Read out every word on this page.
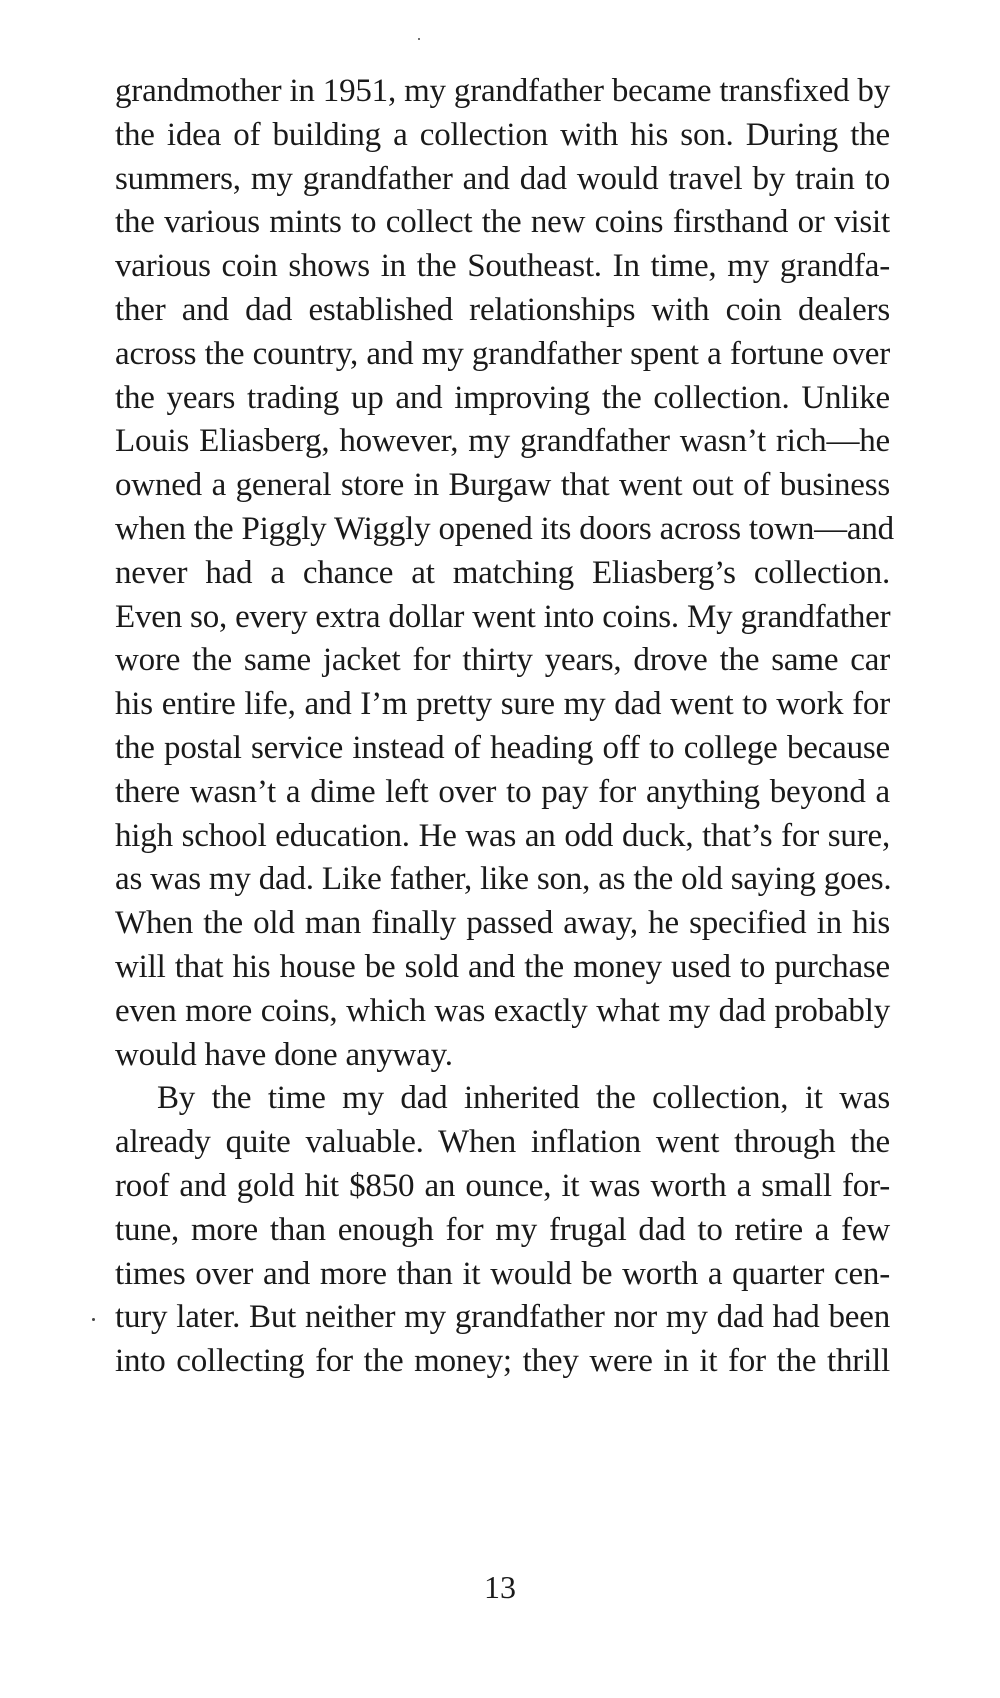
grandmother in 1951, my grandfather became transfixed by
the idea of building a collection with his son. During the
summers, my grandfather and dad would travel by train to
the various mints to collect the new coins firsthand or visit
various coin shows in the Southeast. In time, my grandfa-
ther and dad established relationships with coin dealers
across the country, and my grandfather spent a fortune over
the years trading up and improving the collection. Unlike
Louis Eliasberg, however, my grandfather wasn’t rich—he
owned a general store in Burgaw that went out of business
when the Piggly Wiggly opened its doors across town—and
never had a chance at matching Eliasberg’s collection.
Even so, every extra dollar went into coins. My grandfather
wore the same jacket for thirty years, drove the same car
his entire life, and I’m pretty sure my dad went to work for
the postal service instead of heading off to college because
there wasn’t a dime left over to pay for anything beyond a
high school education. He was an odd duck, that’s for sure,
as was my dad. Like father, like son, as the old saying goes.
When the old man finally passed away, he specified in his
will that his house be sold and the money used to purchase
even more coins, which was exactly what my dad probably
would have done anyway.
By the time my dad inherited the collection, it was
already quite valuable. When inflation went through the
roof and gold hit $850 an ounce, it was worth a small for-
tune, more than enough for my frugal dad to retire a few
times over and more than it would be worth a quarter cen-
tury later. But neither my grandfather nor my dad had been
into collecting for the money; they were in it for the thrill
13
